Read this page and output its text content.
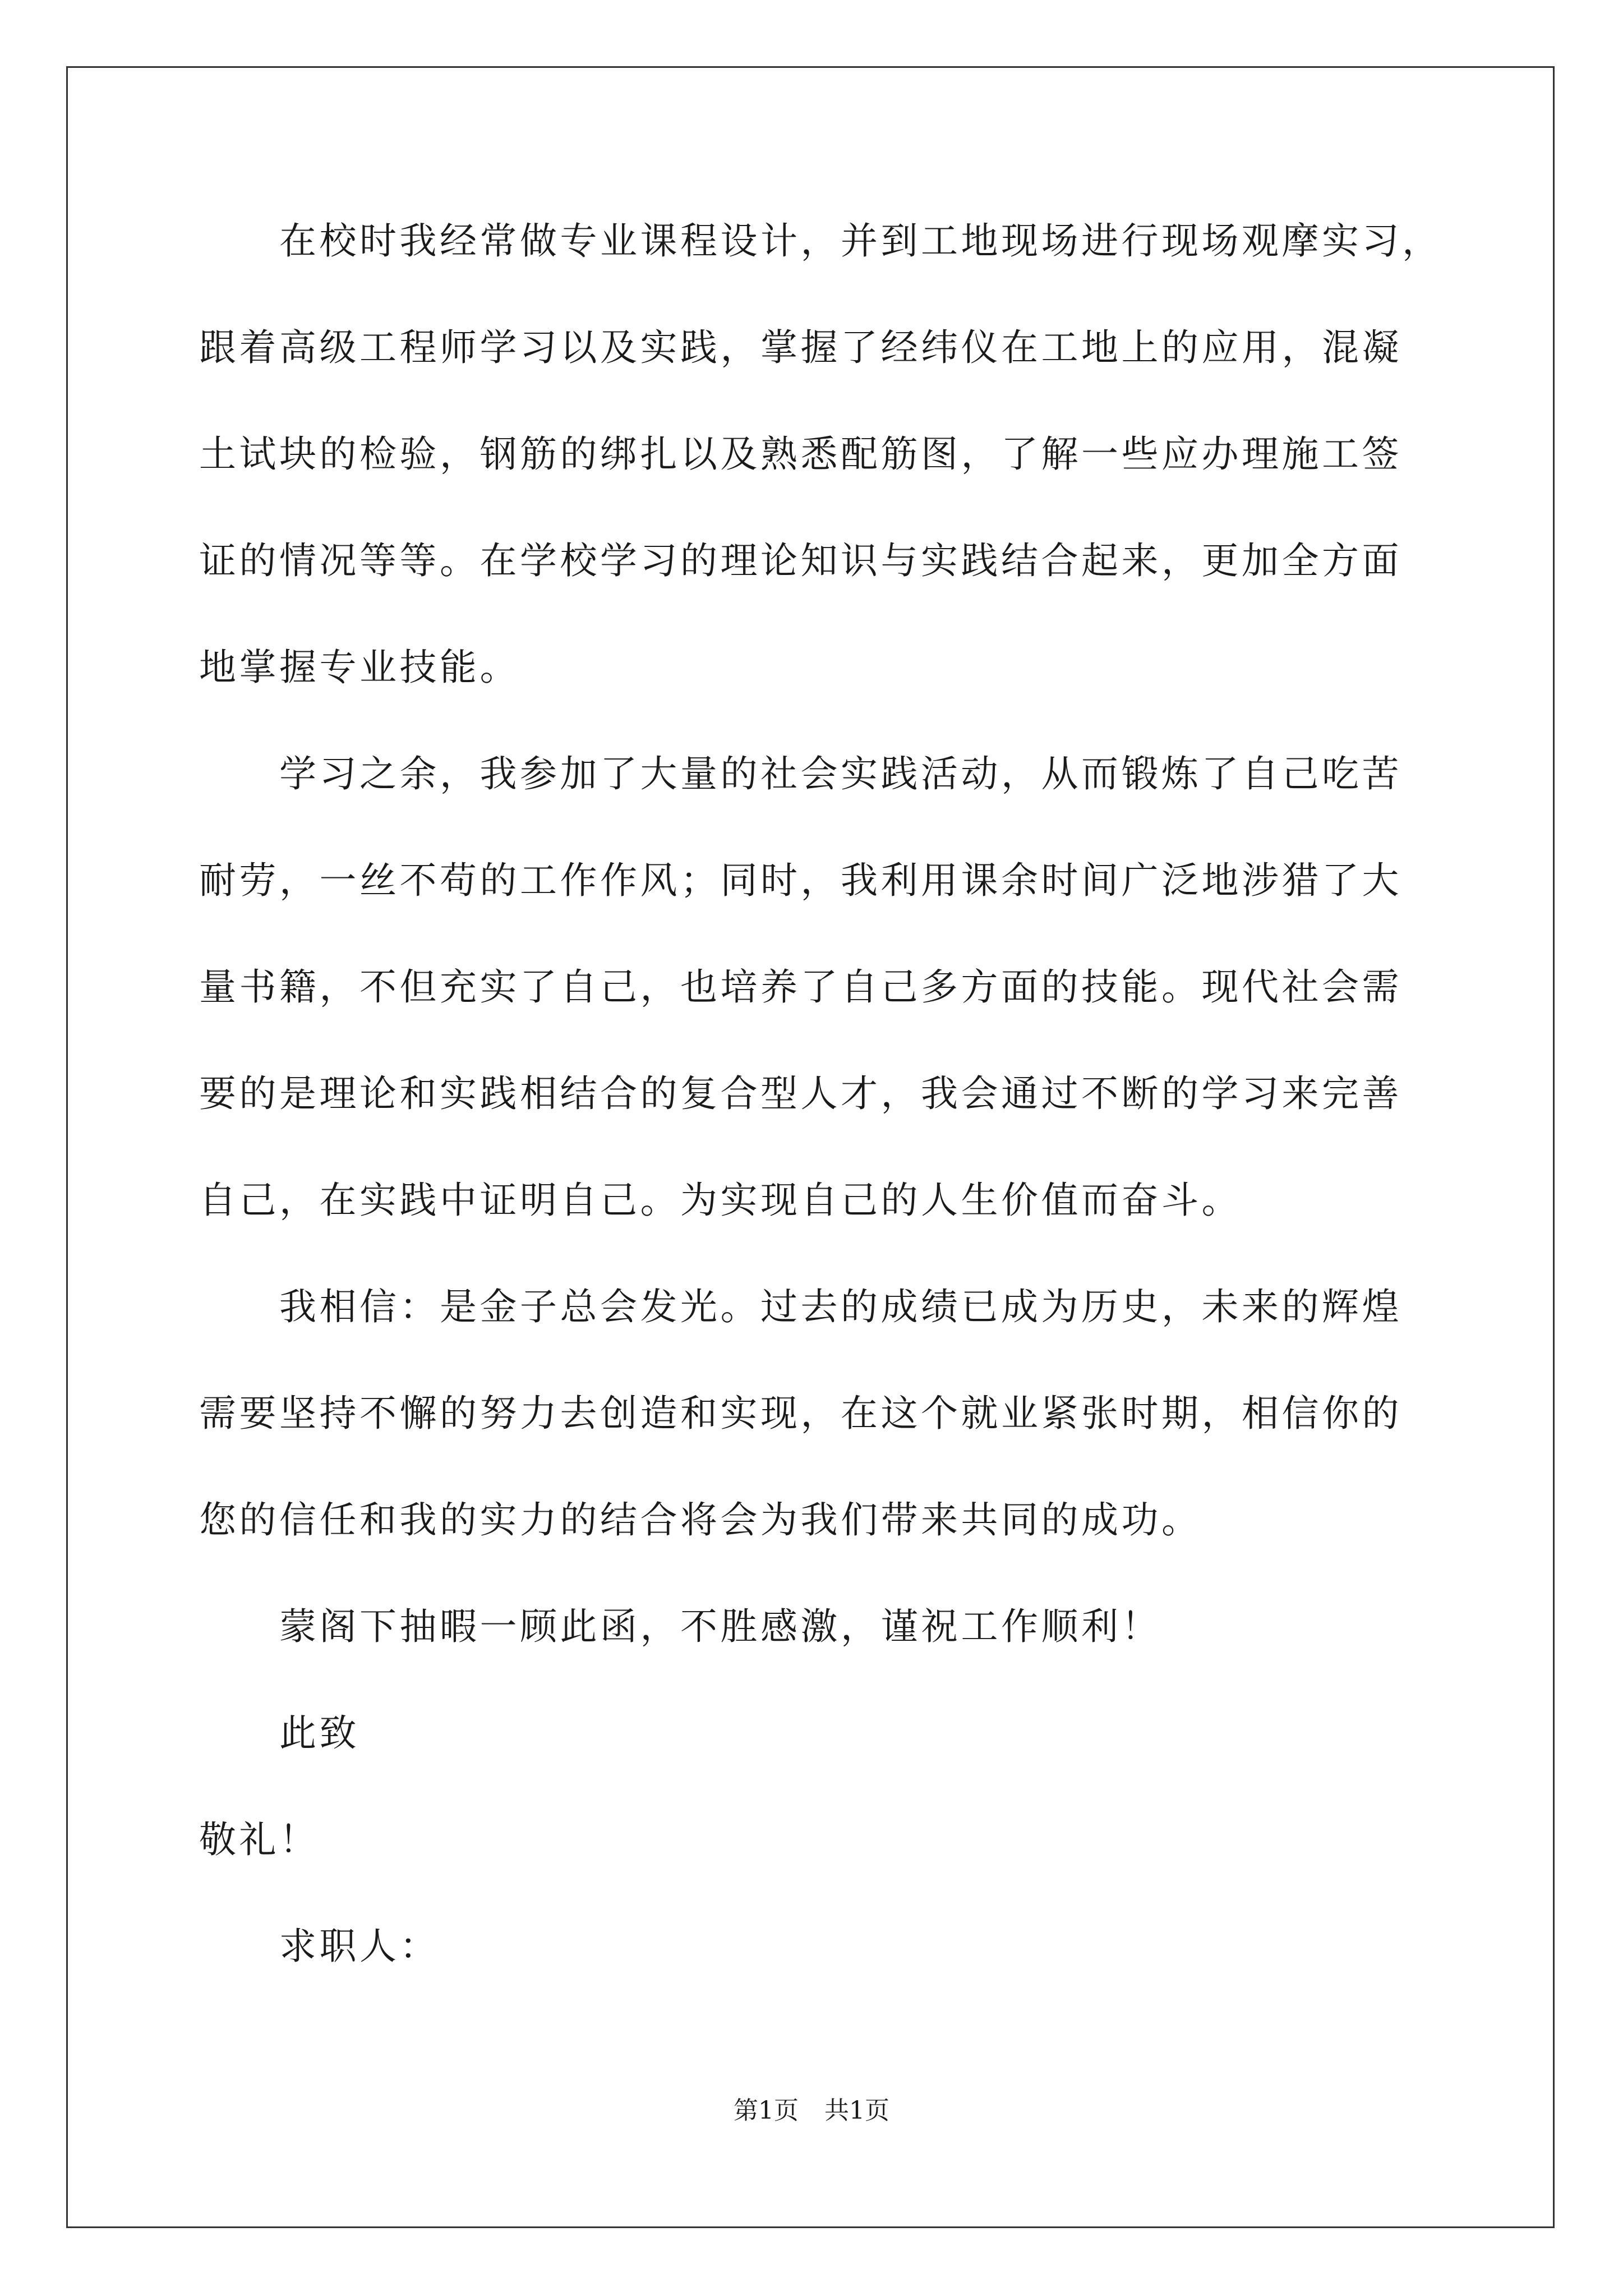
在校时我经常做专业课程设计，并到工地现场进行现场观摩实习，
跟着高级工程师学习以及实践，掌握了经纬仪在工地上的应用，混凝
土试块的检验，钢筋的绑扎以及熟悉配筋图，了解一些应办理施工签
证的情况等等。在学校学习的理论知识与实践结合起来，更加全方面
地掌握专业技能。
学习之余，我参加了大量的社会实践活动，从而锻炼了自己吃苦
耐劳，一丝不苟的工作作风；同时，我利用课余时间广泛地涉猎了大
量书籍，不但充实了自己，也培养了自己多方面的技能。现代社会需
要的是理论和实践相结合的复合型人才，我会通过不断的学习来完善
自己，在实践中证明自己。为实现自己的人生价值而奋斗。
我相信：是金子总会发光。过去的成绩已成为历史，未来的辉煌
需要坚持不懈的努力去创造和实现，在这个就业紧张时期，相信你的
您的信任和我的实力的结合将会为我们带来共同的成功。
蒙阁下抽暇一顾此函，不胜感激，谨祝工作顺利！
此致
敬礼！
求职人：
第1页 共1页
